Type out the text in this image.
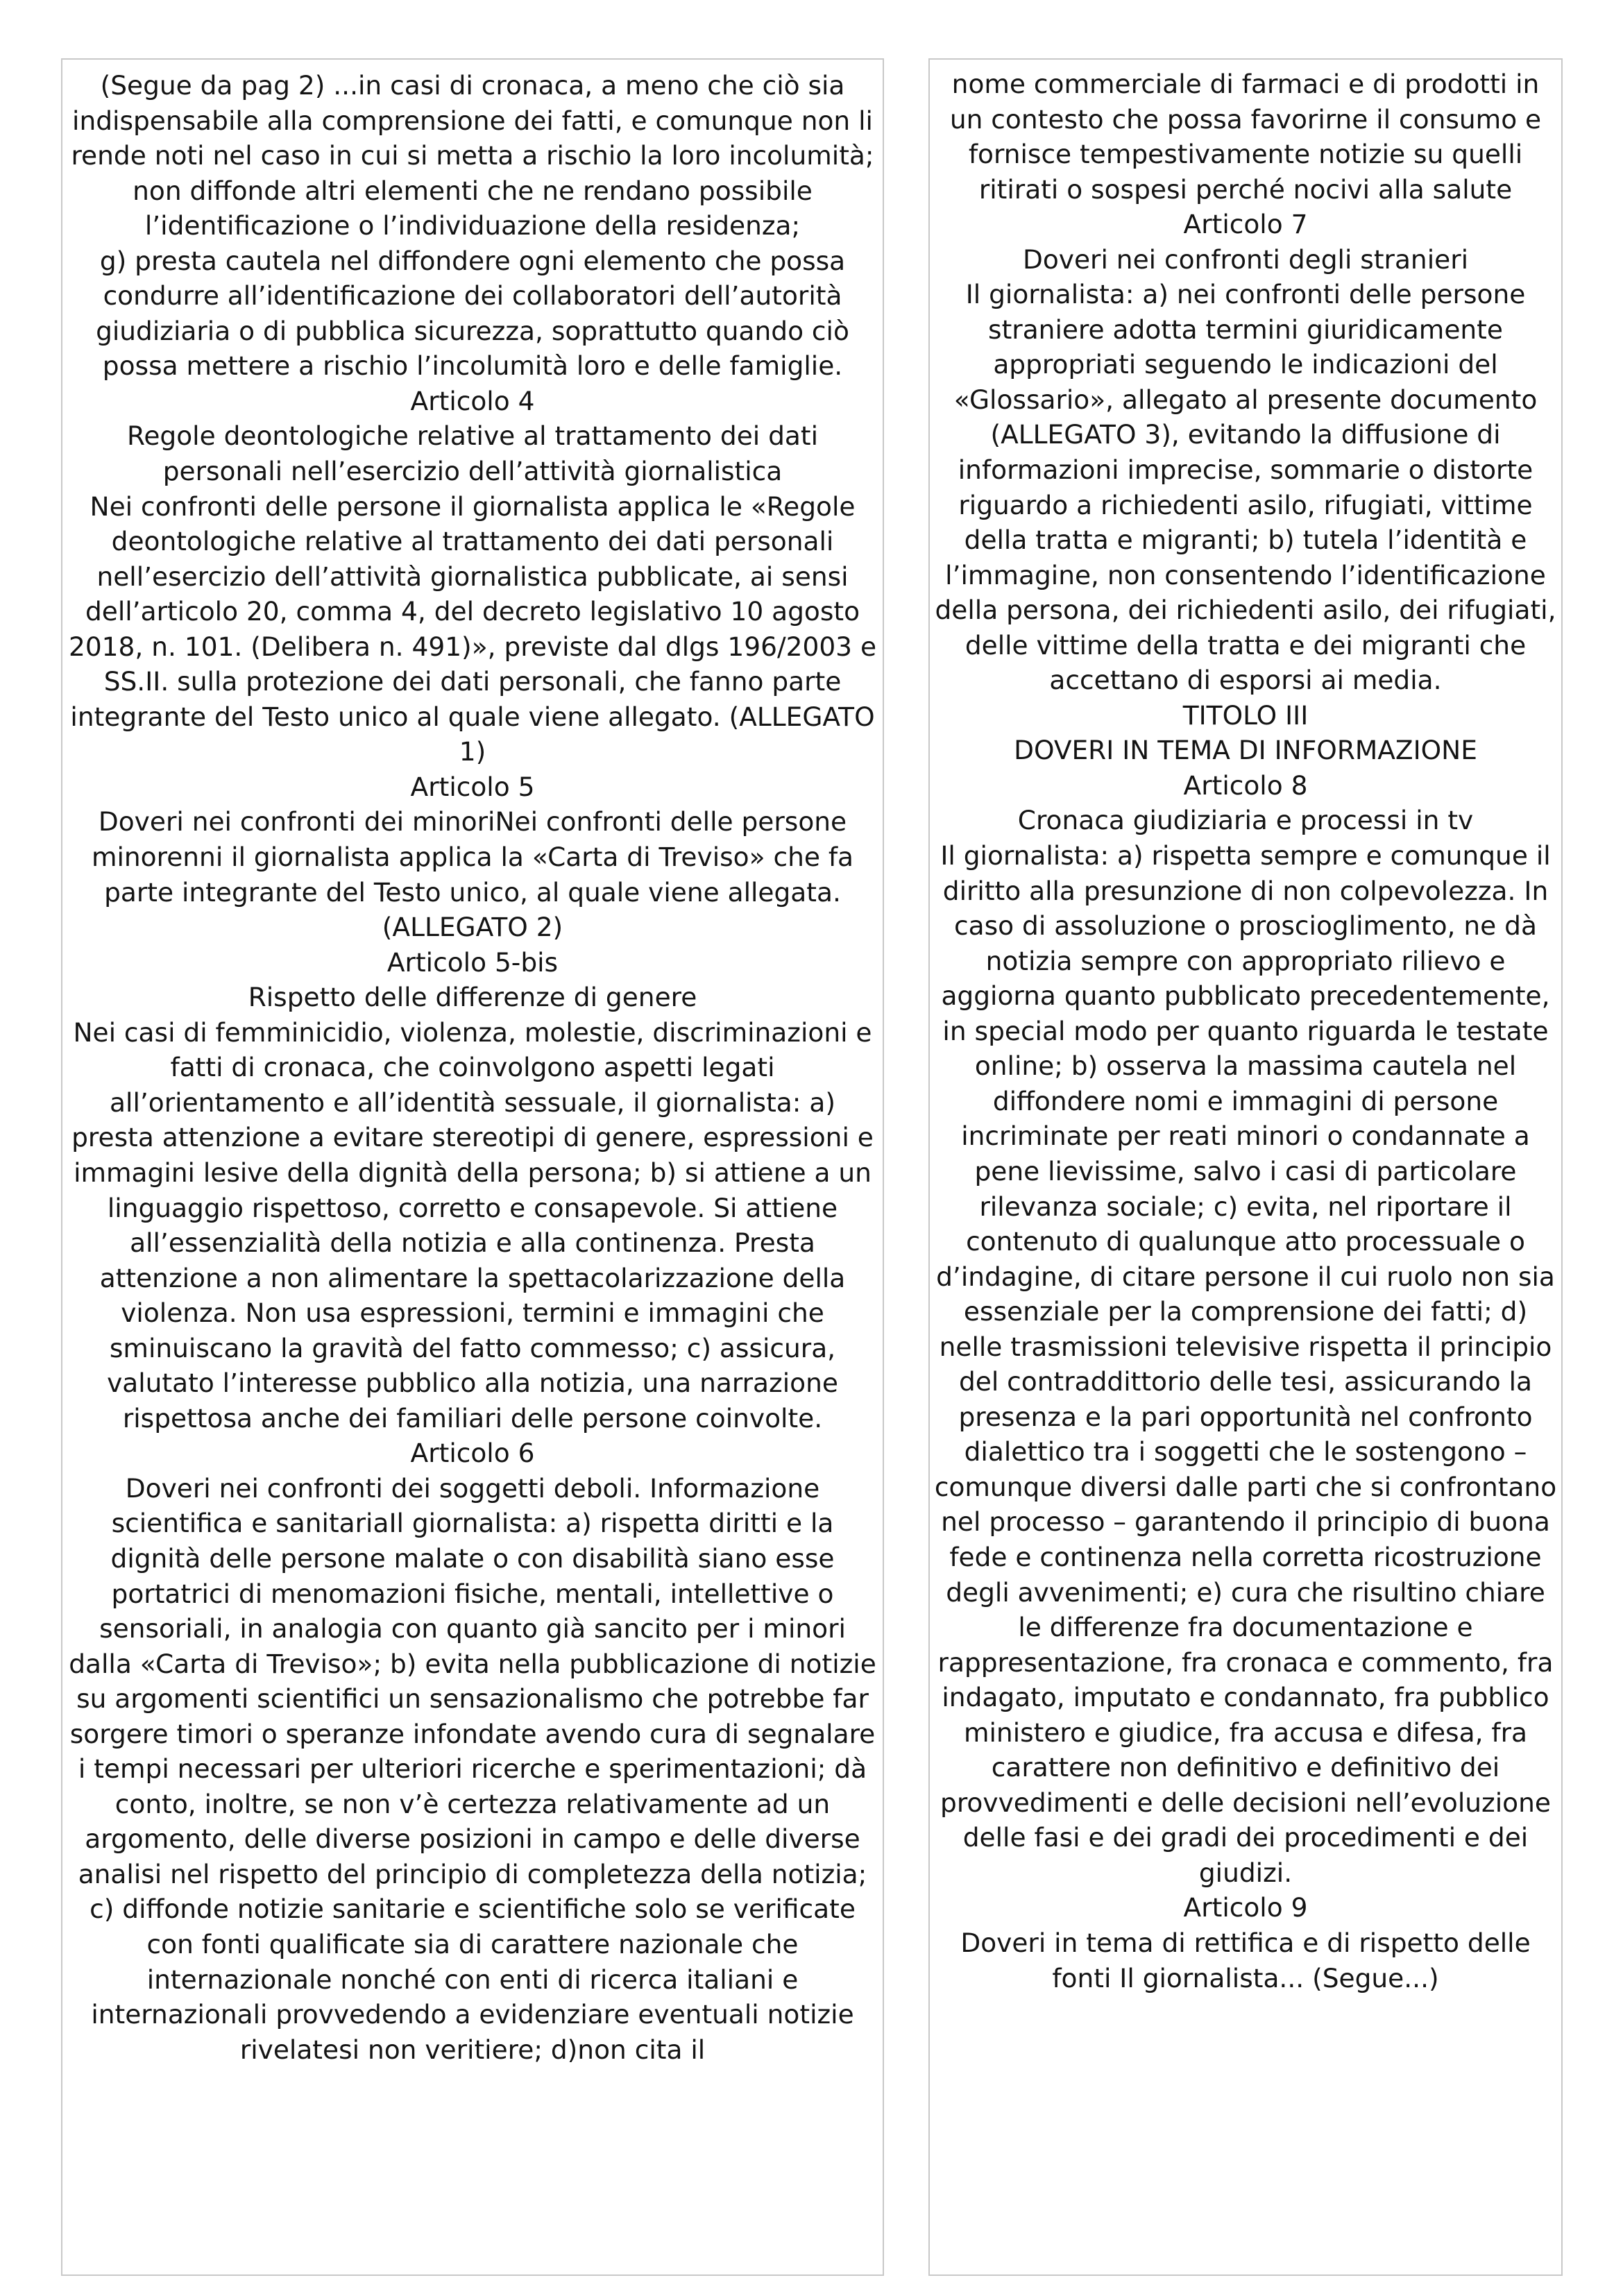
(Segue da pag 2) ...in casi di cronaca, a meno che ciò sia indispensabile alla comprensione dei fatti, e comunque non li rende noti nel caso in cui si metta a rischio la loro incolumità; non diffonde altri elementi che ne rendano possibile l’identificazione o l’individuazione della residenza;

g) presta cautela nel diffondere ogni elemento che possa condurre all’identificazione dei collaboratori dell’autorità giudiziaria o di pubblica sicurezza, soprattutto quando ciò possa mettere a rischio l’incolumità loro e delle famiglie.

Articolo 4

Regole deontologiche relative al trattamento dei dati personali nell’esercizio dell’attività giornalistica

Nei confronti delle persone il giornalista applica le «Regole deontologiche relative al trattamento dei dati personali nell’esercizio dell’attività giornalistica pubblicate, ai sensi dell’articolo 20, comma 4, del decreto legislativo 10 agosto 2018, n. 101. (Delibera n. 491)», previste dal dlgs 196/2003 e SS.II. sulla protezione dei dati personali, che fanno parte integrante del Testo unico al quale viene allegato. (ALLEGATO 1)

Articolo 5

Doveri nei confronti dei minoriNei confronti delle persone minorenni il giornalista applica la «Carta di Treviso» che fa parte integrante del Testo unico, al quale viene allegata. (ALLEGATO 2)

Articolo 5-bis

Rispetto delle differenze di genere

Nei casi di femminicidio, violenza, molestie, discriminazioni e fatti di cronaca, che coinvolgono aspetti legati all’orientamento e all’identità sessuale, il giornalista: a) presta attenzione a evitare stereotipi di genere, espressioni e immagini lesive della dignità della persona; b) si attiene a un linguaggio rispettoso, corretto e consapevole. Si attiene all’essenzialità della notizia e alla continenza. Presta attenzione a non alimentare la spettacolarizzazione della violenza. Non usa espressioni, termini e immagini che sminuiscano la gravità del fatto commesso; c) assicura, valutato l’interesse pubblico alla notizia, una narrazione rispettosa anche dei familiari delle persone coinvolte.

Articolo 6

Doveri nei confronti dei soggetti deboli. Informazione scientifica e sanitariaIl giornalista: a) rispetta diritti e la dignità delle persone malate o con disabilità siano esse portatrici di menomazioni fisiche, mentali, intellettive o sensoriali, in analogia con quanto già sancito per i minori dalla «Carta di Treviso»; b) evita nella pubblicazione di notizie su argomenti scientifici un sensazionalismo che potrebbe far sorgere timori o speranze infondate avendo cura di segnalare i tempi necessari per ulteriori ricerche e sperimentazioni; dà conto, inoltre, se non v’è certezza relativamente ad un argomento, delle diverse posizioni in campo e delle diverse analisi nel rispetto del principio di completezza della notizia; c) diffonde notizie sanitarie e scientifiche solo se verificate con fonti qualificate sia di carattere nazionale che internazionale nonché con enti di ricerca italiani e internazionali provvedendo a evidenziare eventuali notizie rivelatesi non veritiere; d)non cita il

nome commerciale di farmaci e di prodotti in un contesto che possa favorirne il consumo e fornisce tempestivamente notizie su quelli ritirati o sospesi perché nocivi alla salute

Articolo 7

Doveri nei confronti degli stranieri

Il giornalista: a) nei confronti delle persone straniere adotta termini giuridicamente appropriati seguendo le indicazioni del «Glossario», allegato al presente documento (ALLEGATO 3), evitando la diffusione di informazioni imprecise, sommarie o distorte riguardo a richiedenti asilo, rifugiati, vittime della tratta e migranti; b) tutela l’identità e l’immagine, non consentendo l’identificazione della persona, dei richiedenti asilo, dei rifugiati, delle vittime della tratta e dei migranti che accettano di esporsi ai media.

TITOLO III

DOVERI IN TEMA DI INFORMAZIONE

Articolo 8

Cronaca giudiziaria e processi in tv

Il giornalista: a) rispetta sempre e comunque il diritto alla presunzione di non colpevolezza. In caso di assoluzione o proscioglimento, ne dà notizia sempre con appropriato rilievo e aggiorna quanto pubblicato precedentemente, in special modo per quanto riguarda le testate online; b) osserva la massima cautela nel diffondere nomi e immagini di persone incriminate per reati minori o condannate a pene lievissime, salvo i casi di particolare rilevanza sociale; c) evita, nel riportare il contenuto di qualunque atto processuale o d’indagine, di citare persone il cui ruolo non sia essenziale per la comprensione dei fatti; d) nelle trasmissioni televisive rispetta il principio del contraddittorio delle tesi, assicurando la presenza e la pari opportunità nel confronto dialettico tra i soggetti che le sostengono – comunque diversi dalle parti che si confrontano nel processo – garantendo il principio di buona fede e continenza nella corretta ricostruzione degli avvenimenti; e) cura che risultino chiare le differenze fra documentazione e rappresentazione, fra cronaca e commento, fra indagato, imputato e condannato, fra pubblico ministero e giudice, fra accusa e difesa, fra carattere non definitivo e definitivo dei provvedimenti e delle decisioni nell’evoluzione delle fasi e dei gradi dei procedimenti e dei giudizi.

Articolo 9

Doveri in tema di rettifica e di rispetto delle fonti Il giornalista... (Segue...)
